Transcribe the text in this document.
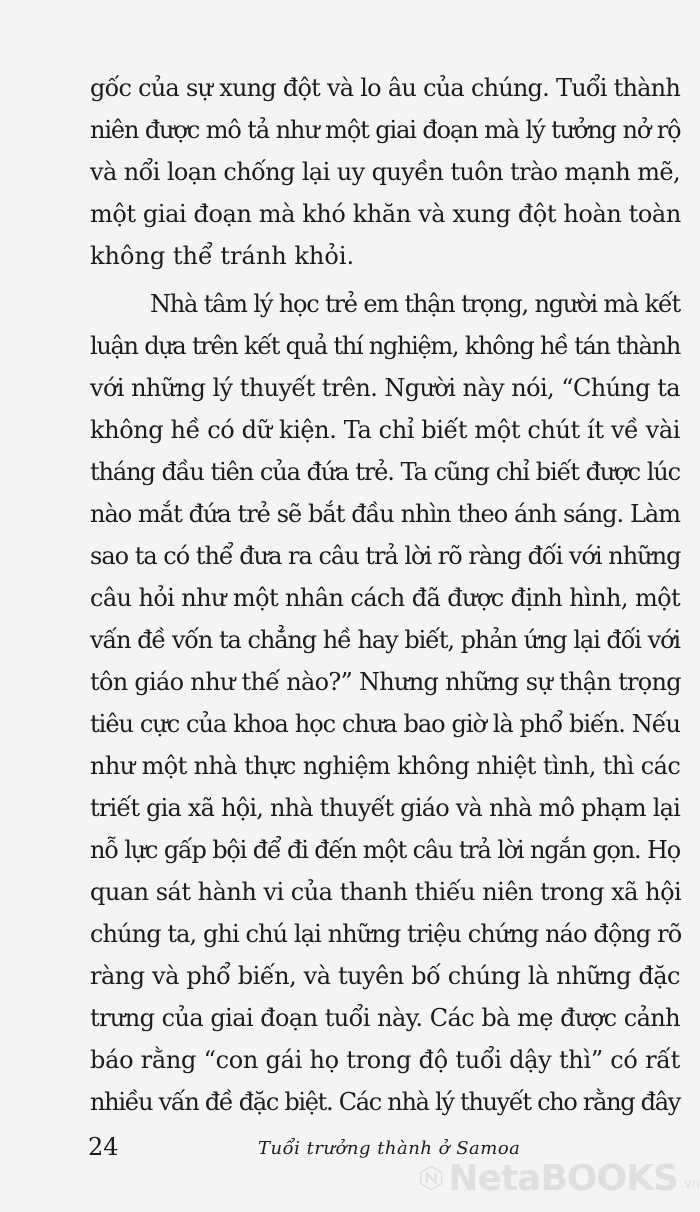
gốc của sự xung đột và lo âu của chúng. Tuổi thành
niên được mô tả như một giai đoạn mà lý tưởng nở rộ
và nổi loạn chống lại uy quyền tuôn trào mạnh mẽ,
một giai đoạn mà khó khăn và xung đột hoàn toàn
không thể tránh khỏi.
Nhà tâm lý học trẻ em thận trọng, người mà kết
luận dựa trên kết quả thí nghiệm, không hề tán thành
với những lý thuyết trên. Người này nói, “Chúng ta
không hề có dữ kiện. Ta chỉ biết một chút ít về vài
tháng đầu tiên của đứa trẻ. Ta cũng chỉ biết được lúc
nào mắt đứa trẻ sẽ bắt đầu nhìn theo ánh sáng. Làm
sao ta có thể đưa ra câu trả lời rõ ràng đối với những
câu hỏi như một nhân cách đã được định hình, một
vấn đề vốn ta chẳng hề hay biết, phản ứng lại đối với
tôn giáo như thế nào?” Nhưng những sự thận trọng
tiêu cực của khoa học chưa bao giờ là phổ biến. Nếu
như một nhà thực nghiệm không nhiệt tình, thì các
triết gia xã hội, nhà thuyết giáo và nhà mô phạm lại
nỗ lực gấp bội để đi đến một câu trả lời ngắn gọn. Họ
quan sát hành vi của thanh thiếu niên trong xã hội
chúng ta, ghi chú lại những triệu chứng náo động rõ
ràng và phổ biến, và tuyên bố chúng là những đặc
trưng của giai đoạn tuổi này. Các bà mẹ được cảnh
báo rằng “con gái họ trong độ tuổi dậy thì” có rất
nhiều vấn đề đặc biệt. Các nhà lý thuyết cho rằng đây
24	Tuổi trưởng thành ở Samoa
NetaBOOKS .vn
